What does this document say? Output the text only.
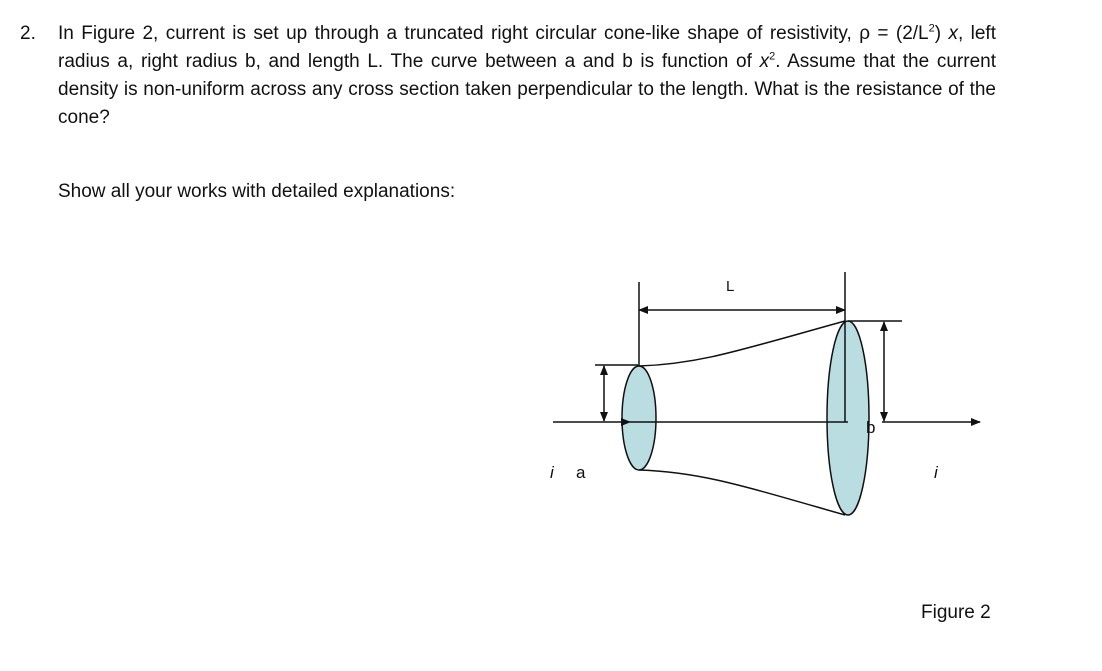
2. In Figure 2, current is set up through a truncated right circular cone-like shape of resistivity, $\rho = (2/L^2)$ x, left radius a, right radius b, and length L. The curve between a and b is function of $x^2$. Assume that the current density is non-uniform across any cross section taken perpendicular to the length. What is the resistance of the cone?
Show all your works with detailed explanations:
L
i a
b
i
Figure 2
